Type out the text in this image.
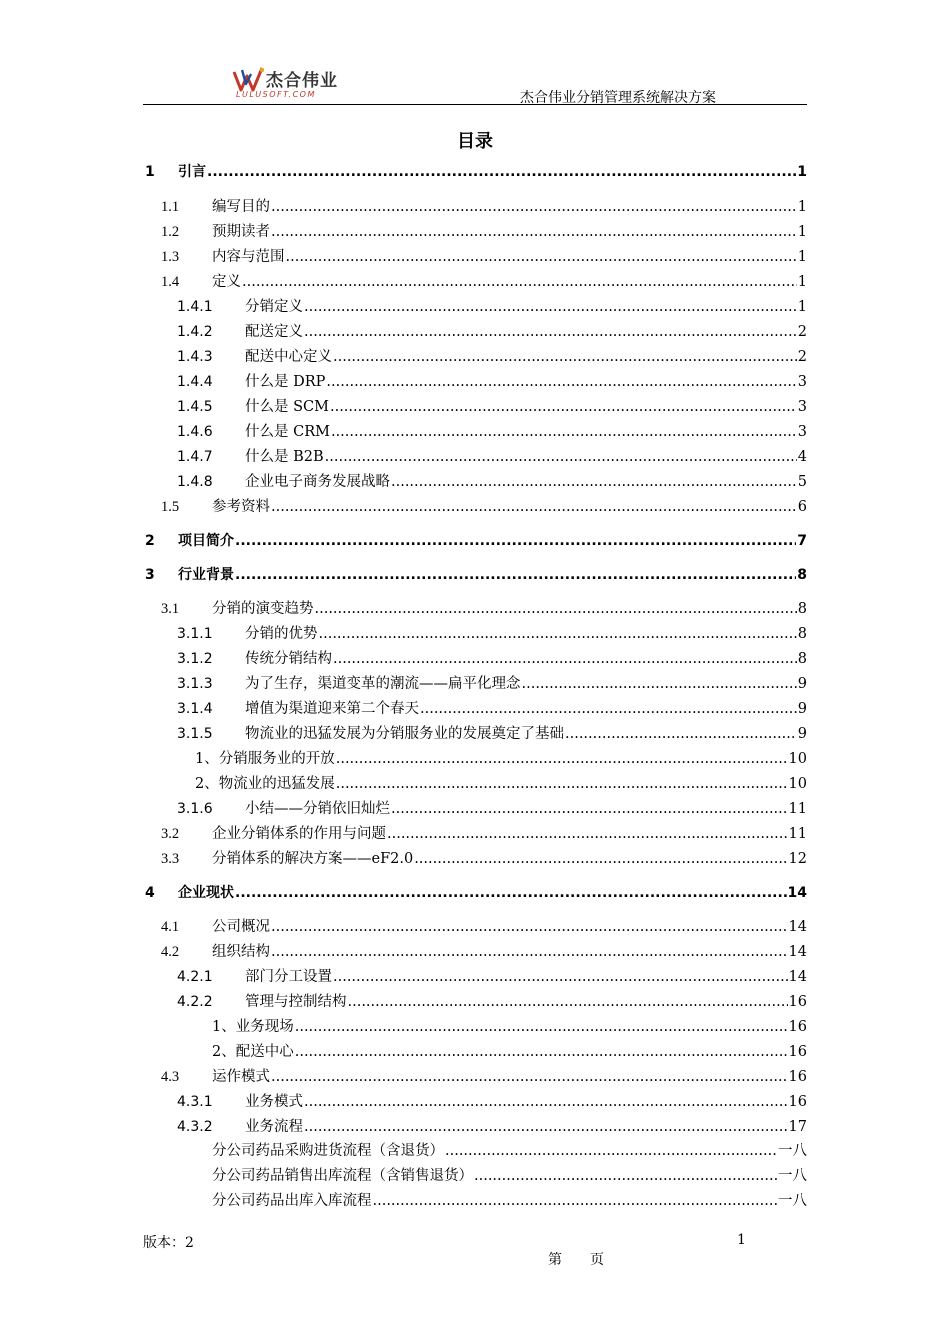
杰合伟业
LULUSOFT.COM	杰合伟业分销管理系统解决方案
目录
1 引言 .....	1
1.1 编写目的 .....	1
1.2 预期读者 .....	1
1.3 内容与范围 .....	1
1.4 定义 .....	1
1.4.1 分销定义 .....	1
1.4.2 配送定义 .....	2
1.4.3 配送中心定义 .....	2
1.4.4 什么是 DRP .....	3
1.4.5 什么是 SCM .....	3
1.4.6 什么是 CRM .....	3
1.4.7 什么是 B2B .....	4
1.4.8 企业电子商务发展战略 .....	5
1.5 参考资料 .....	6
2 项目简介 .....	7
3 行业背景 .....	8
3.1 分销的演变趋势 .....	8
3.1.1 分销的优势 .....	8
3.1.2 传统分销结构 .....	8
3.1.3 为了生存，渠道变革的潮流——扁平化理念 .....	9
3.1.4 增值为渠道迎来第二个春天 .....	9
3.1.5 物流业的迅猛发展为分销服务业的发展奠定了基础 .....	9
1、分销服务业的开放 .....	10
2、物流业的迅猛发展 .....	10
3.1.6 小结——分销依旧灿烂 .....	11
3.2 企业分销体系的作用与问题 .....	11
3.3 分销体系的解决方案——eF2.0 .....	12
4 企业现状 .....	14
4.1 公司概况 .....	14
4.2 组织结构 .....	14
4.2.1 部门分工设置 .....	14
4.2.2 管理与控制结构 .....	16
1、业务现场 .....	16
2、配送中心 .....	16
4.3 运作模式 .....	16
4.3.1 业务模式 .....	16
4.3.2 业务流程 .....	17
分公司药品采购进货流程（含退货） .....	一八
分公司药品销售出库流程（含销售退货） .....	一八
分公司药品出库入库流程 .....	一八
版本：2	1
第　　页
